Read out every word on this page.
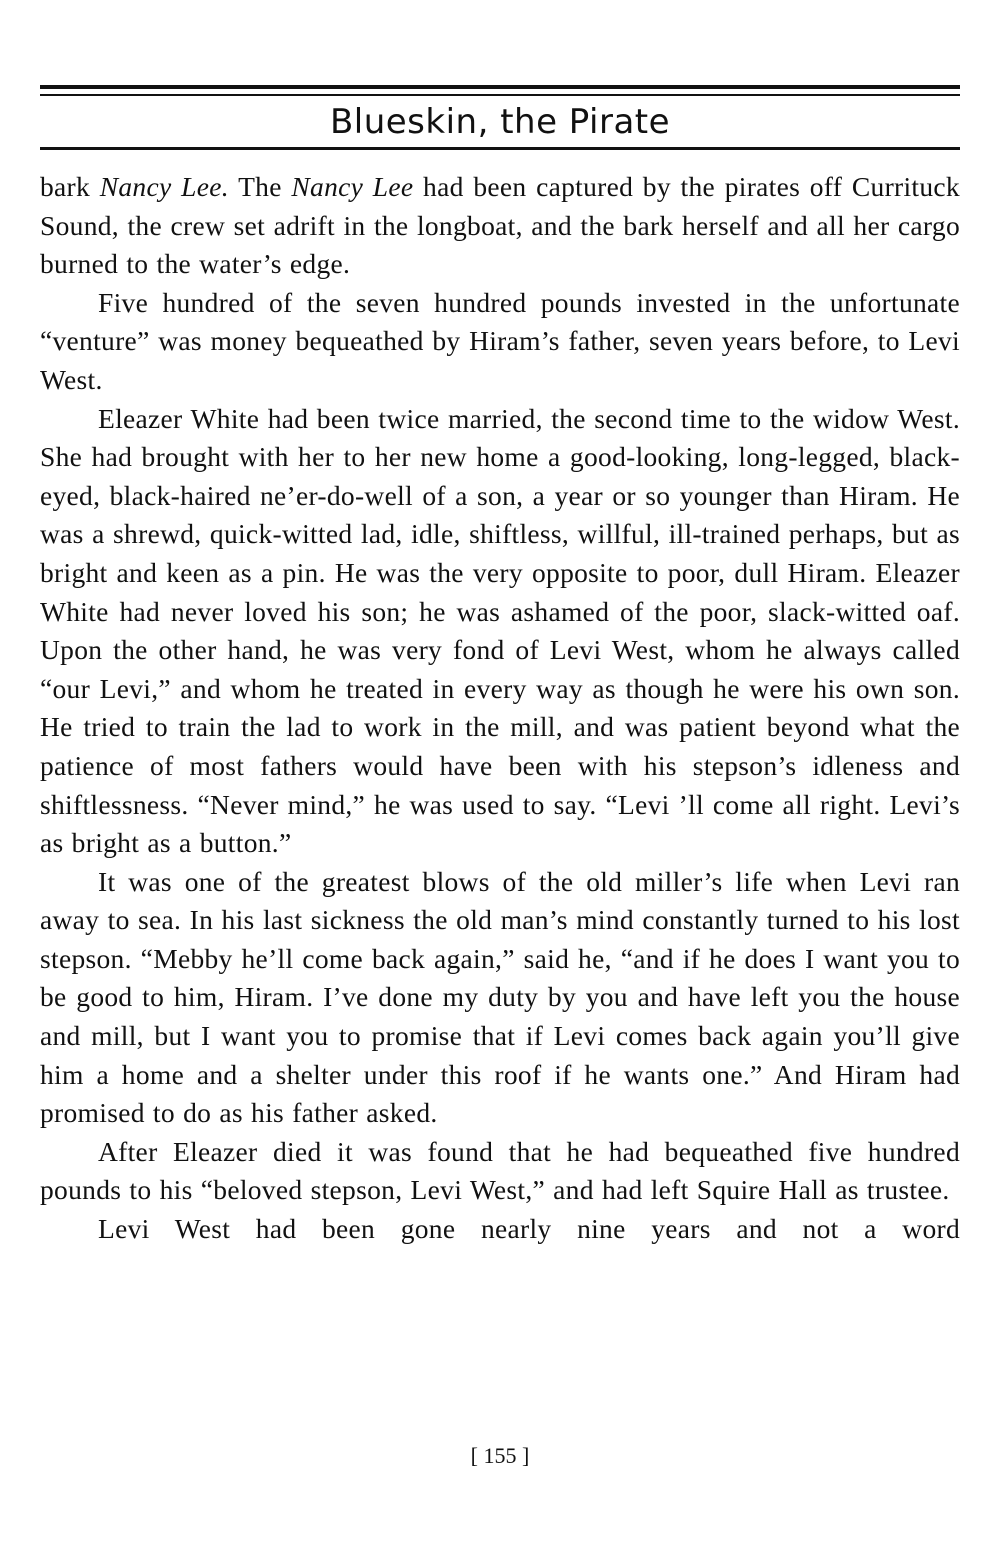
Blueskin, the Pirate

bark Nancy Lee. The Nancy Lee had been captured by the pirates off Currituck Sound, the crew set adrift in the longboat, and the bark herself and all her cargo burned to the water’s edge.

Five hundred of the seven hundred pounds invested in the unfortunate “venture” was money bequeathed by Hiram’s father, seven years before, to Levi West.

Eleazer White had been twice married, the second time to the widow West. She had brought with her to her new home a good-looking, long-legged, black-eyed, black-haired ne’er-do-well of a son, a year or so younger than Hiram. He was a shrewd, quick-witted lad, idle, shiftless, willful, ill-trained perhaps, but as bright and keen as a pin. He was the very opposite to poor, dull Hiram. Eleazer White had never loved his son; he was ashamed of the poor, slack-witted oaf. Upon the other hand, he was very fond of Levi West, whom he always called “our Levi,” and whom he treated in every way as though he were his own son. He tried to train the lad to work in the mill, and was patient beyond what the patience of most fathers would have been with his stepson’s idleness and shiftlessness. “Never mind,” he was used to say. “Levi ’ll come all right. Levi’s as bright as a button.”

It was one of the greatest blows of the old miller’s life when Levi ran away to sea. In his last sickness the old man’s mind constantly turned to his lost stepson. “Mebby he’ll come back again,” said he, “and if he does I want you to be good to him, Hiram. I’ve done my duty by you and have left you the house and mill, but I want you to promise that if Levi comes back again you’ll give him a home and a shelter under this roof if he wants one.” And Hiram had promised to do as his father asked.

After Eleazer died it was found that he had bequeathed five hundred pounds to his “beloved stepson, Levi West,” and had left Squire Hall as trustee.

Levi West had been gone nearly nine years and not a word

[ 155 ]
